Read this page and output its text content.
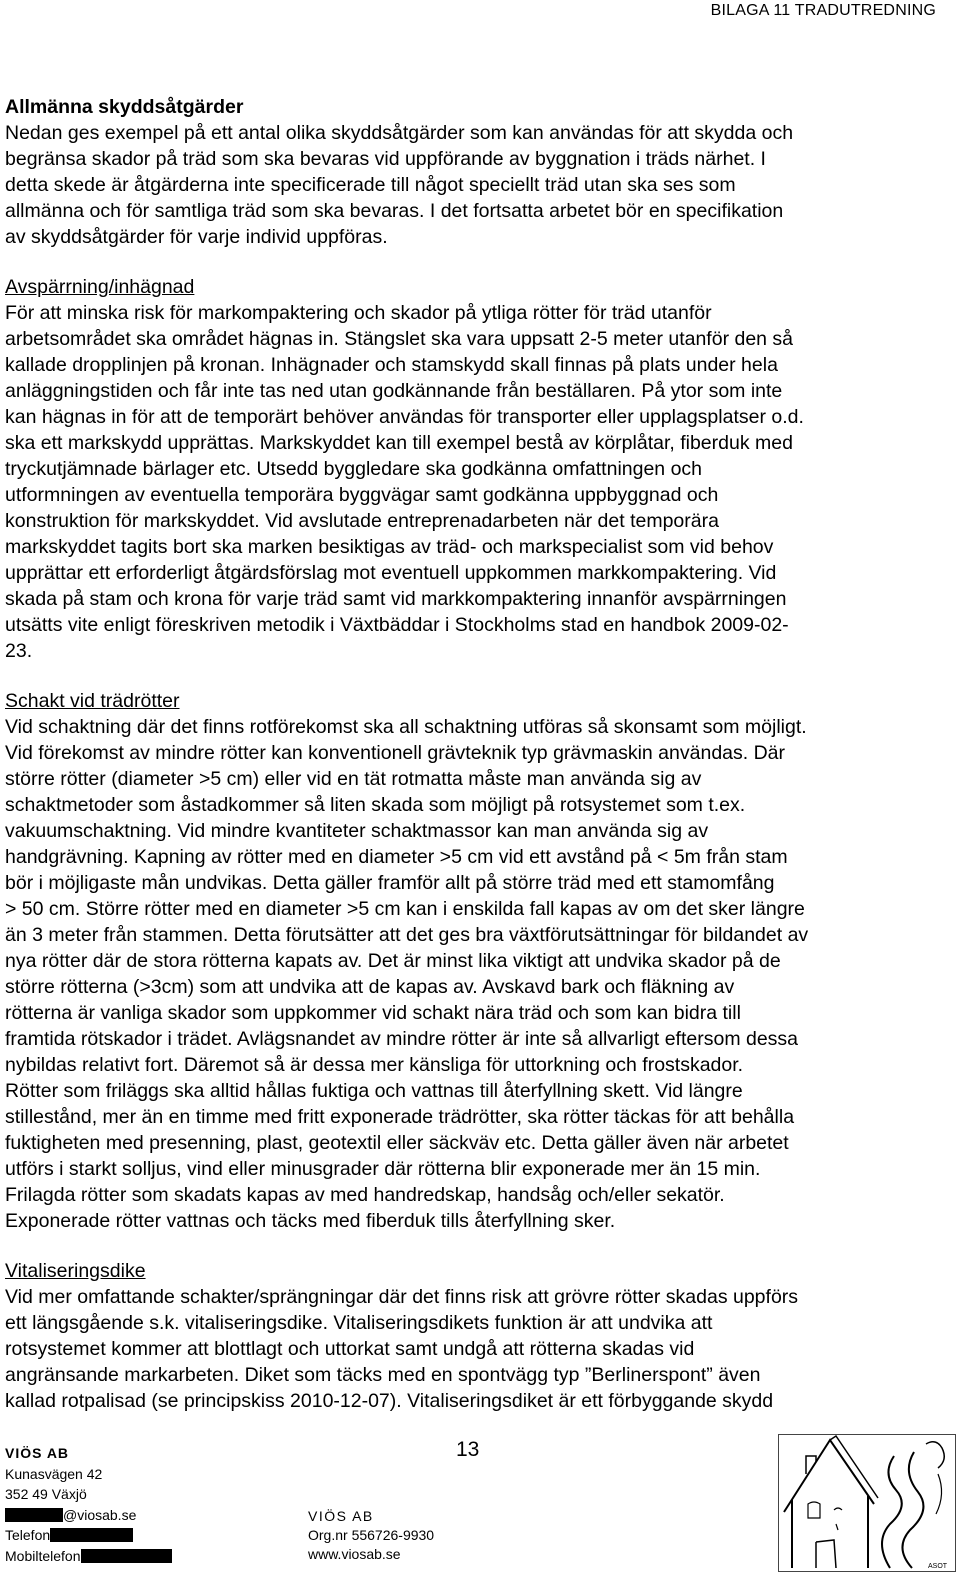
BILAGA 11 TRADUTREDNING
Allmänna skyddsåtgärder
Nedan ges exempel på ett antal olika skyddsåtgärder som kan användas för att skydda och
begränsa skador på träd som ska bevaras vid uppförande av byggnation i träds närhet. I
detta skede är åtgärderna inte specificerade till något speciellt träd utan ska ses som
allmänna och för samtliga träd som ska bevaras. I det fortsatta arbetet bör en specifikation
av skyddsåtgärder för varje individ uppföras.
Avspärrning/inhägnad
För att minska risk för markompaktering och skador på ytliga rötter för träd utanför
arbetsområdet ska området hägnas in. Stängslet ska vara uppsatt 2-5 meter utanför den så
kallade dropplinjen på kronan. Inhägnader och stamskydd skall finnas på plats under hela
anläggningstiden och får inte tas ned utan godkännande från beställaren. På ytor som inte
kan hägnas in för att de temporärt behöver användas för transporter eller upplagsplatser o.d.
ska ett markskydd upprättas. Markskyddet kan till exempel bestå av körplåtar, fiberduk med
tryckutjämnade bärlager etc. Utsedd byggledare ska godkänna omfattningen och
utformningen av eventuella temporära byggvägar samt godkänna uppbyggnad och
konstruktion för markskyddet. Vid avslutade entreprenadarbeten när det temporära
markskyddet tagits bort ska marken besiktigas av träd- och markspecialist som vid behov
upprättar ett erforderligt åtgärdsförslag mot eventuell uppkommen markkompaktering. Vid
skada på stam och krona för varje träd samt vid markkompaktering innanför avspärrningen
utsätts vite enligt föreskriven metodik i Växtbäddar i Stockholms stad en handbok 2009-02-
23.
Schakt vid trädrötter
Vid schaktning där det finns rotförekomst ska all schaktning utföras så skonsamt som möjligt.
Vid förekomst av mindre rötter kan konventionell grävteknik typ grävmaskin användas. Där
större rötter (diameter >5 cm) eller vid en tät rotmatta måste man använda sig av
schaktmetoder som åstadkommer så liten skada som möjligt på rotsystemet som t.ex.
vakuumschaktning. Vid mindre kvantiteter schaktmassor kan man använda sig av
handgrävning. Kapning av rötter med en diameter >5 cm vid ett avstånd på < 5m från stam
bör i möjligaste mån undvikas. Detta gäller framför allt på större träd med ett stamomfång
> 50 cm. Större rötter med en diameter >5 cm kan i enskilda fall kapas av om det sker längre
än 3 meter från stammen. Detta förutsätter att det ges bra växtförutsättningar för bildandet av
nya rötter där de stora rötterna kapats av. Det är minst lika viktigt att undvika skador på de
större rötterna (>3cm) som att undvika att de kapas av. Avskavd bark och fläkning av
rötterna är vanliga skador som uppkommer vid schakt nära träd och som kan bidra till
framtida rötskador i trädet. Avlägsnandet av mindre rötter är inte så allvarligt eftersom dessa
nybildas relativt fort. Däremot så är dessa mer känsliga för uttorkning och frostskador.
Rötter som friläggs ska alltid hållas fuktiga och vattnas till återfyllning skett. Vid längre
stillestånd, mer än en timme med fritt exponerade trädrötter, ska rötter täckas för att behålla
fuktigheten med presenning, plast, geotextil eller säckväv etc. Detta gäller även när arbetet
utförs i starkt solljus, vind eller minusgrader där rötterna blir exponerade mer än 15 min.
Frilagda rötter som skadats kapas av med handredskap, handsåg och/eller sekatör.
Exponerade rötter vattnas och täcks med fiberduk tills återfyllning sker.
Vitaliseringsdike
Vid mer omfattande schakter/sprängningar där det finns risk att grövre rötter skadas uppförs
ett längsgående s.k. vitaliseringsdike. Vitaliseringsdikets funktion är att undvika att
rotsystemet kommer att blottlagt och uttorkat samt undgå att rötterna skadas vid
angränsande markarbeten. Diket som täcks med en spontvägg typ ”Berlinerspont” även
kallad rotpalisad (se principskiss 2010-12-07). Vitaliseringsdiket är ett förbyggande skydd
13
VIÖS AB
Kunasvägen 42
352 49 Växjö
@viosab.se
Telefon
Mobiltelefon
VIÖS AB
Org.nr 556726-9930
www.viosab.se
ASOT
